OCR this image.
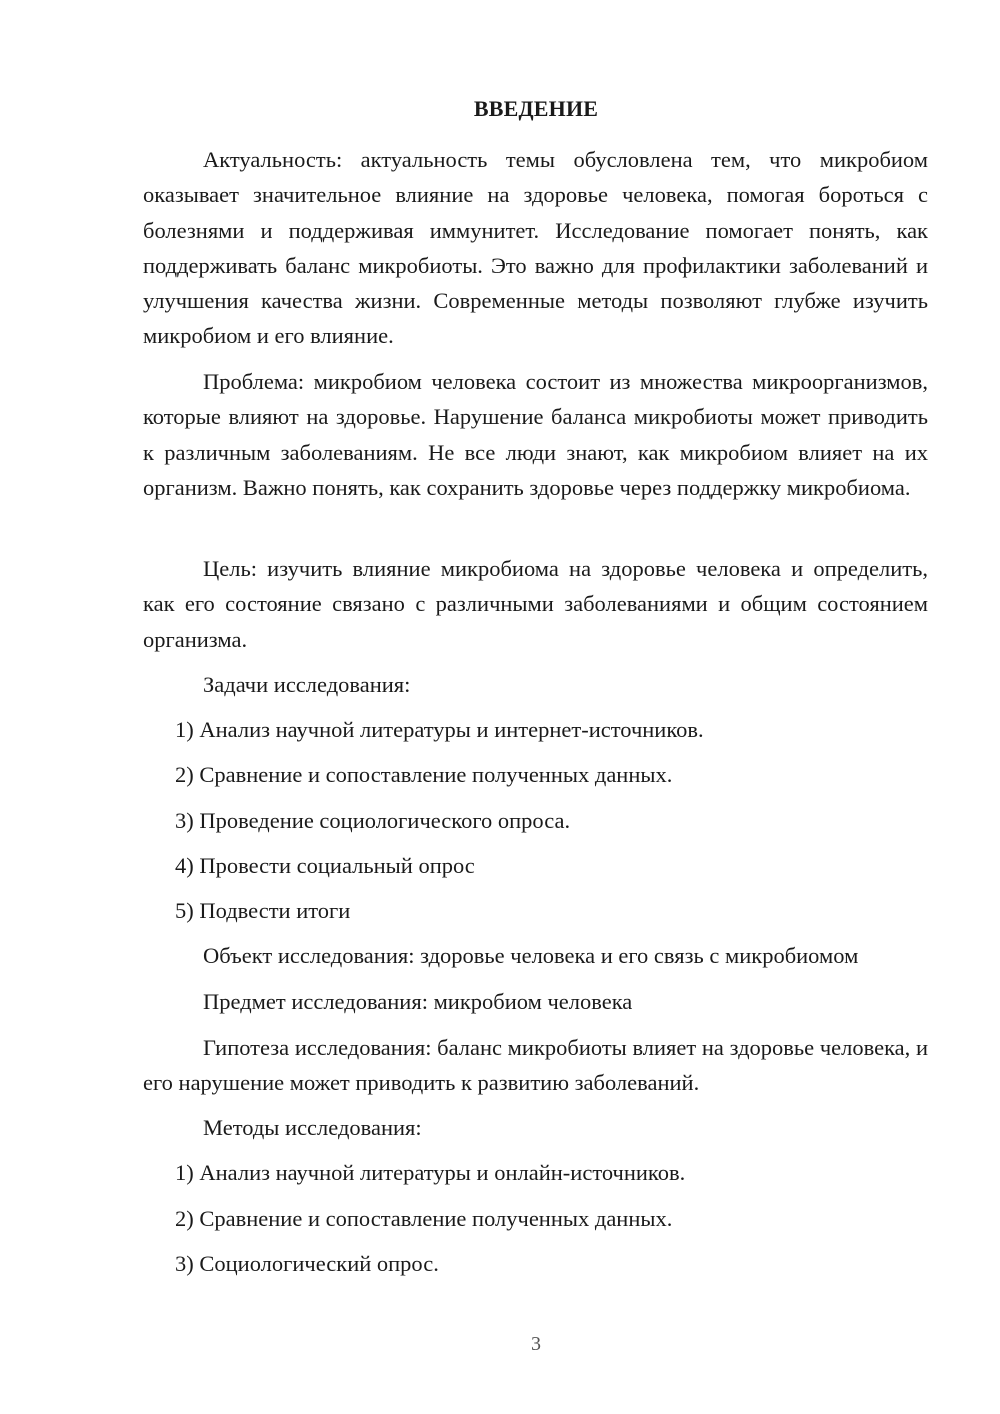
ВВЕДЕНИЕ

Актуальность: актуальность темы обусловлена тем, что микробиом оказывает значительное влияние на здоровье человека, помогая бороться с болезнями и поддерживая иммунитет. Исследование помогает понять, как поддерживать баланс микробиоты. Это важно для профилактики заболеваний и улучшения качества жизни. Современные методы позволяют глубже изучить микробиом и его влияние.

Проблема: микробиом человека состоит из множества микроорганизмов, которые влияют на здоровье. Нарушение баланса микробиоты может приводить к различным заболеваниям. Не все люди знают, как микробиом влияет на их организм. Важно понять, как сохранить здоровье через поддержку микробиома.

Цель: изучить влияние микробиома на здоровье человека и определить, как его состояние связано с различными заболеваниями и общим состоянием организма.

Задачи исследования:

1) Анализ научной литературы и интернет-источников.

2) Сравнение и сопоставление полученных данных.

3) Проведение социологического опроса.

4) Провести социальный опрос

5) Подвести итоги

Объект исследования: здоровье человека и его связь с микробиомом

Предмет исследования: микробиом человека

Гипотеза исследования: баланс микробиоты влияет на здоровье человека, и его нарушение может приводить к развитию заболеваний.

Методы исследования:

1) Анализ научной литературы и онлайн-источников.

2) Сравнение и сопоставление полученных данных.

3) Социологический опрос.

3
